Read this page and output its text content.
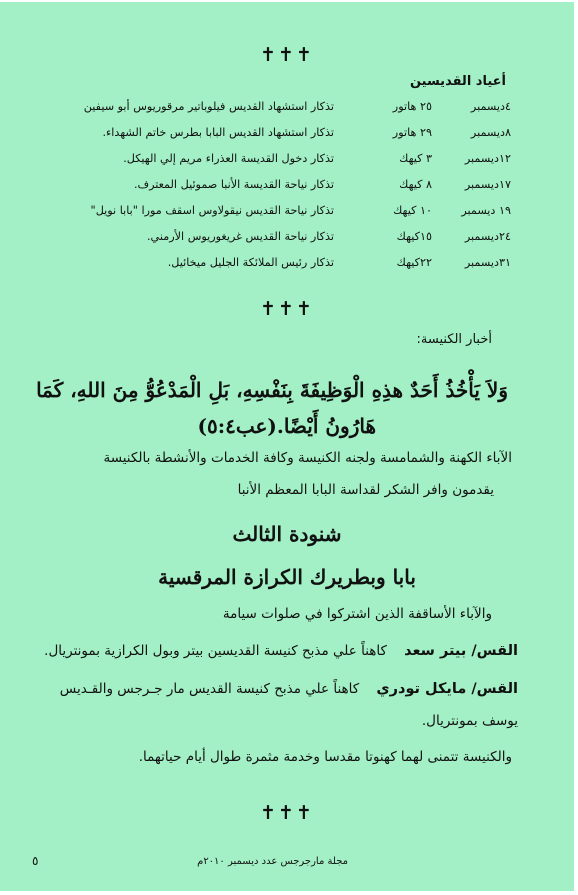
✝✝✝
أعياد القديسين
٤ديسمبر
٢٥ هاتور
تذكار استشهاد القديس فيلوباتير مرقوريوس أبو سيفين
٨ديسمبر
٢٩ هاتور
تذكار استشهاد القديس البابا بطرس خاتم الشهداء.
١٢ديسمبر
٣ كيهك
تذكار دخول القديسة العذراء مريم إلي الهيكل.
١٧ديسمبر
٨ كيهك
تذكار نياحة القديسة الأنبا صموئيل المعترف.
١٩ ديسمبر
١٠ كيهك
تذكار نياحة القديس نيقولاوس اسقف مورا "بابا نويل"
٢٤ديسمبر
١٥كيهك
تذكار نياحة القديس غريغوريوس الأرمني.
٣١ديسمبر
٢٢كيهك
تذكار رئيس الملائكة الجليل ميخائيل.
✝✝✝
أخبار الكنيسة:
وَلاَ يَأْخُذُ أَحَدٌ هذِهِ الْوَظِيفَةَ بِنَفْسِهِ، بَلِ الْمَدْعُوُّ مِنَ اللهِ، كَمَا
هَارُونُ أَيْضًا.(عب٥:٤)
الآباء الكهنة والشمامسة ولجنه الكنيسة وكافة الخدمات والأنشطة بالكنيسة
يقدمون وافر الشكر لقداسة البابا المعظم الأنبا
شنودة الثالث
بابا وبطريرك الكرازة المرقسية
والآباء الأساقفة الذين اشتركوا في صلوات سيامة
القس/ بيتر سعد    كاهناً علي مذبح كنيسة القديسين بيتر وبول الكرازية بمونتريال.
القس/ مايكل تودري    كاهناً علي مذبح كنيسة القديس مار جـرجس والقـديس
يوسف بمونتريال.
والكنيسة تتمنى لهما كهنوتا مقدسا وخدمة مثمرة طوال أيام حياتهما.
✝✝✝
مجلة مارجرجس عدد ديسمبر ٢٠١٠م
٥
